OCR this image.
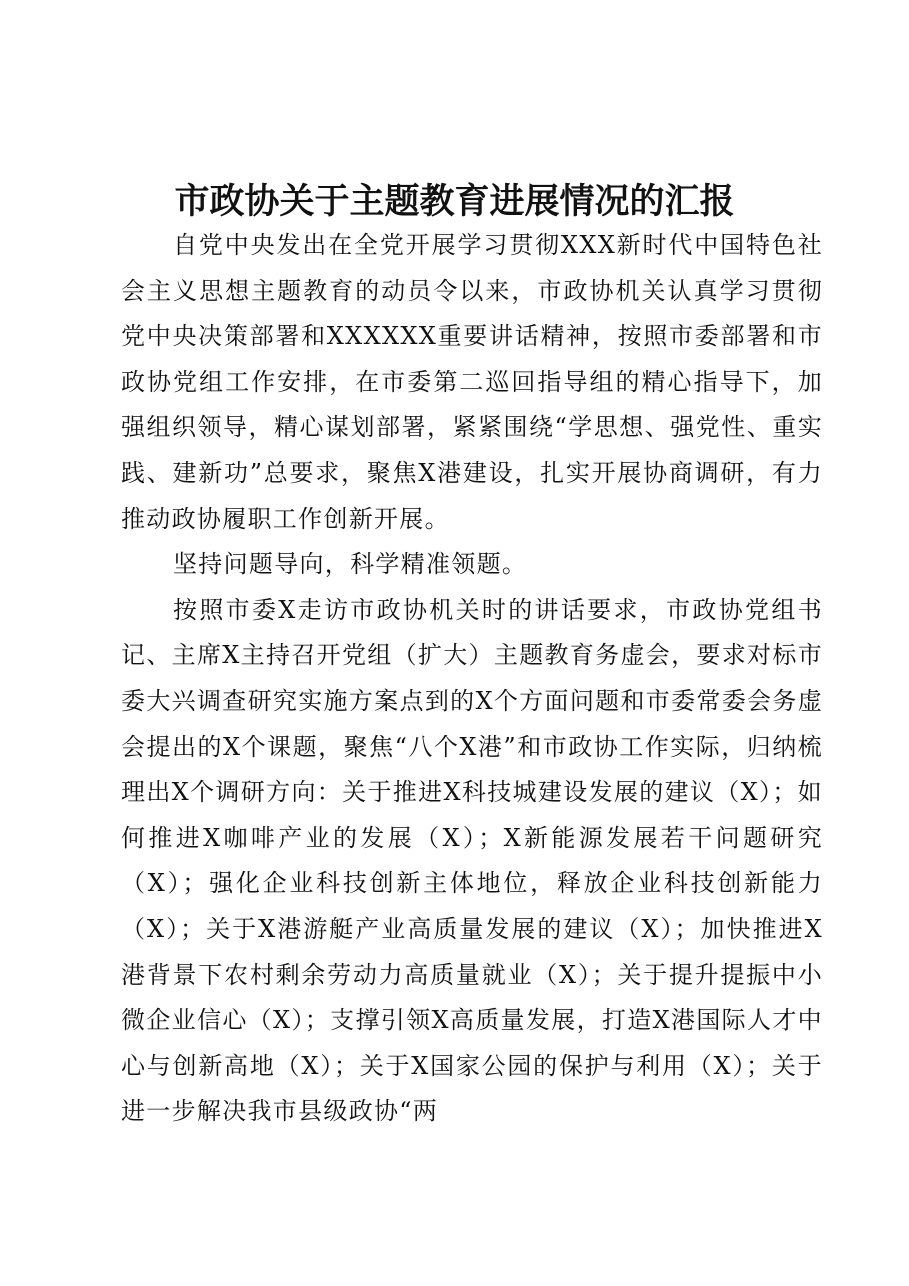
市政协关于主题教育进展情况的汇报

自党中央发出在全党开展学习贯彻XXX新时代中国特色社会主义思想主题教育的动员令以来，市政协机关认真学习贯彻党中央决策部署和XXXXXX重要讲话精神，按照市委部署和市政协党组工作安排，在市委第二巡回指导组的精心指导下，加强组织领导，精心谋划部署，紧紧围绕“学思想、强党性、重实践、建新功”总要求，聚焦X港建设，扎实开展协商调研，有力推动政协履职工作创新开展。

坚持问题导向，科学精准领题。

按照市委X走访市政协机关时的讲话要求，市政协党组书记、主席X主持召开党组（扩大）主题教育务虚会，要求对标市委大兴调查研究实施方案点到的X个方面问题和市委常委会务虚会提出的X个课题，聚焦“八个X港”和市政协工作实际，归纳梳理出X个调研方向：关于推进X科技城建设发展的建议（X）；如何推进X咖啡产业的发展（X）；X新能源发展若干问题研究（X）；强化企业科技创新主体地位，释放企业科技创新能力（X）；关于X港游艇产业高质量发展的建议（X）；加快推进X港背景下农村剩余劳动力高质量就业（X）；关于提升提振中小微企业信心（X）；支撑引领X高质量发展，打造X港国际人才中心与创新高地（X）；关于X国家公园的保护与利用（X）；关于进一步解决我市县级政协“两
